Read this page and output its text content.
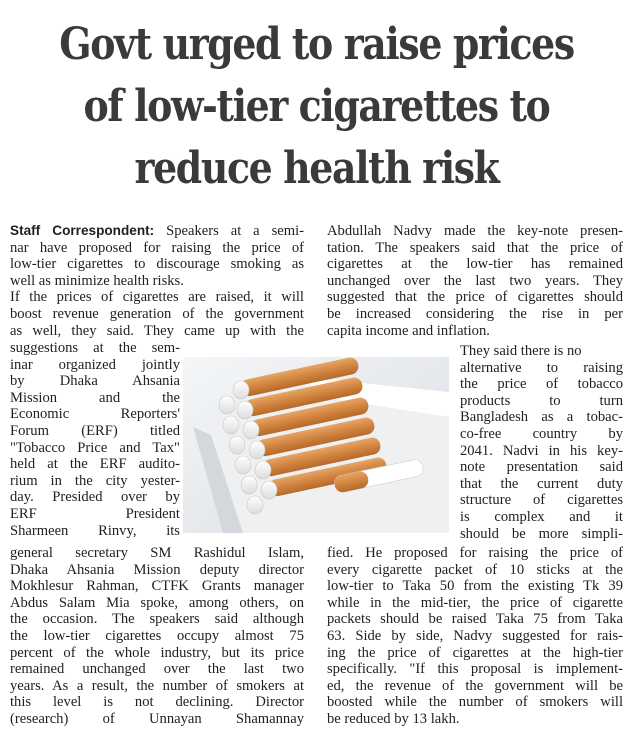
Govt urged to raise prices
of low-tier cigarettes to
reduce health risk
Staff Correspondent: Speakers at a semi-
nar have proposed for raising the price of
low-tier cigarettes to discourage smoking as
well as minimize health risks.
If the prices of cigarettes are raised, it will
boost revenue generation of the government
as well, they said. They came up with the
suggestions at the sem-
inar organized jointly
by Dhaka Ahsania
Mission and the
Economic Reporters'
Forum (ERF) titled
"Tobacco Price and Tax"
held at the ERF audito-
rium in the city yester-
day. Presided over by
ERF President
Sharmeen Rinvy, its
general secretary SM Rashidul Islam,
Dhaka Ahsania Mission deputy director
Mokhlesur Rahman, CTFK Grants manager
Abdus Salam Mia spoke, among others, on
the occasion. The speakers said although
the low-tier cigarettes occupy almost 75
percent of the whole industry, but its price
remained unchanged over the last two
years. As a result, the number of smokers at
this level is not declining. Director
(research) of Unnayan Shamannay
Abdullah Nadvy made the key-note presen-
tation. The speakers said that the price of
cigarettes at the low-tier has remained
unchanged over the last two years. They
suggested that the price of cigarettes should
be increased considering the rise in per
capita income and inflation.
They said there is no
alternative to raising
the price of tobacco
products to turn
Bangladesh as a tobac-
co-free country by
2041. Nadvi in his key-
note presentation said
that the current duty
structure of cigarettes
is complex and it
should be more simpli-
fied. He proposed for raising the price of
every cigarette packet of 10 sticks at the
low-tier to Taka 50 from the existing Tk 39
while in the mid-tier, the price of cigarette
packets should be raised Taka 75 from Taka
63. Side by side, Nadvy suggested for rais-
ing the price of cigarettes at the high-tier
specifically. "If this proposal is implement-
ed, the revenue of the government will be
boosted while the number of smokers will
be reduced by 13 lakh.
